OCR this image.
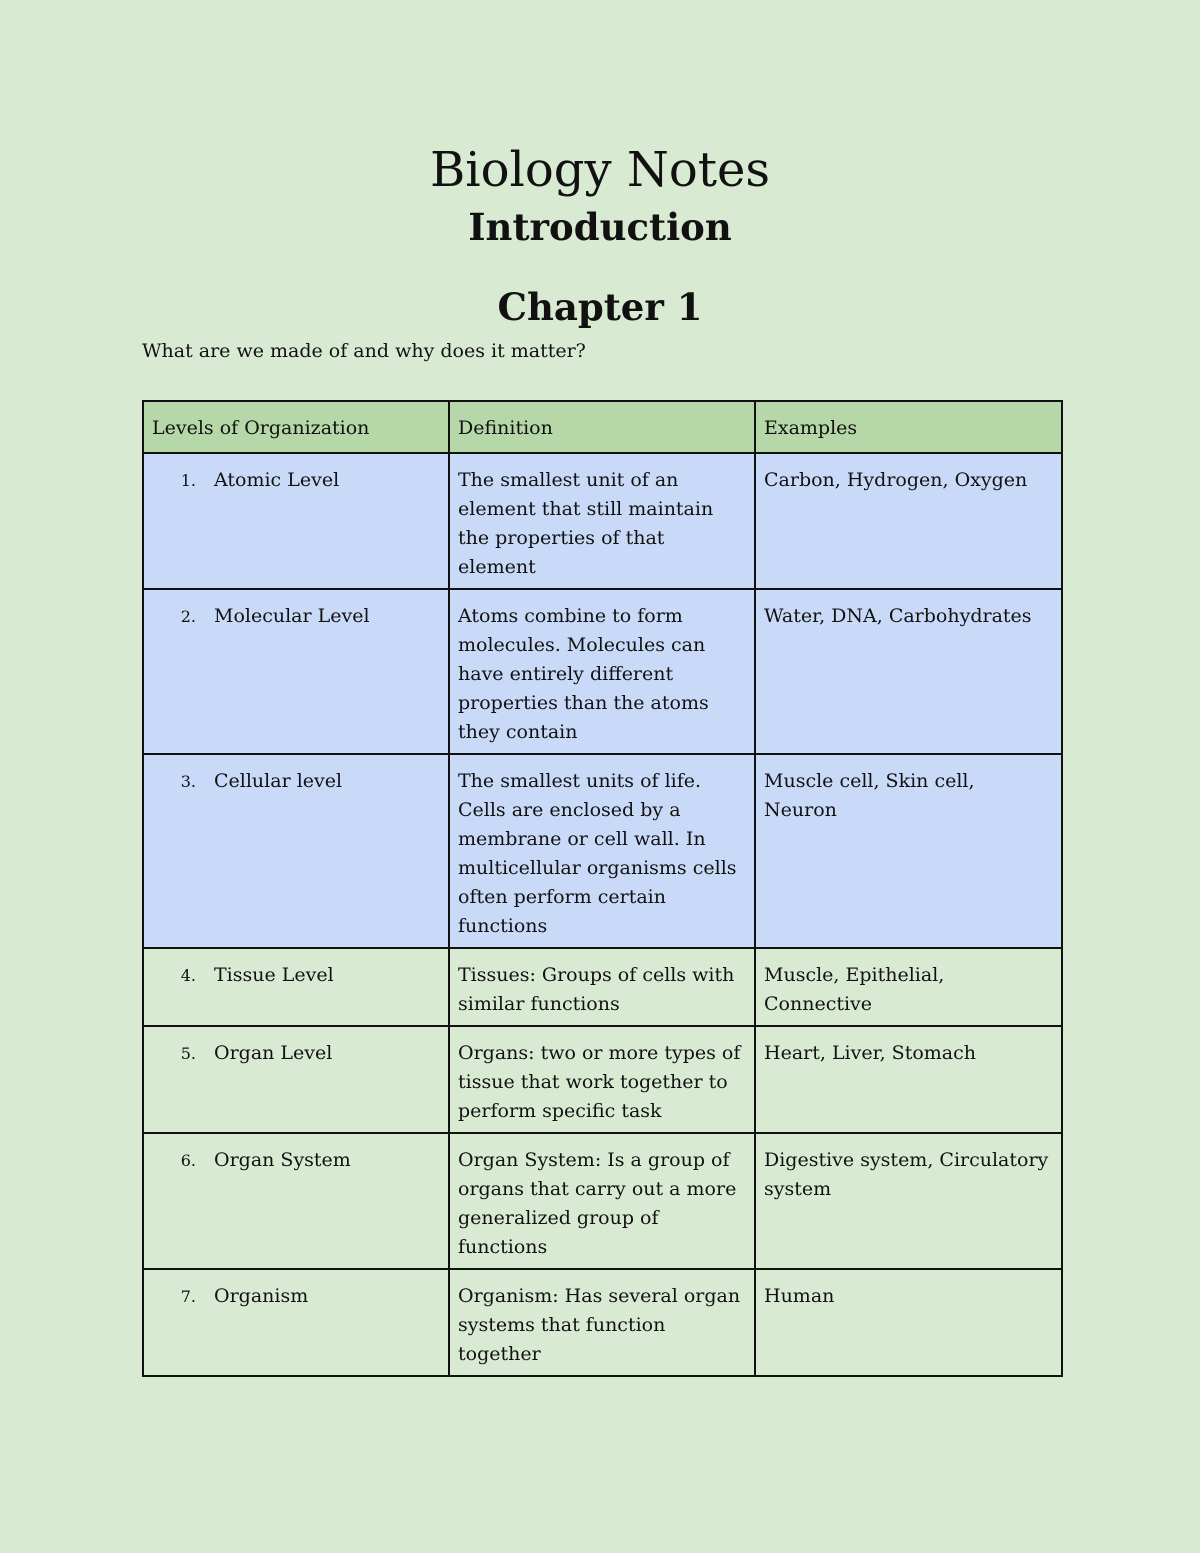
Biology Notes
Introduction
Chapter 1

What are we made of and why does it matter?

Levels of Organization	Definition	Examples
1 . Atomic Level	The smallest unit of an element that still maintain the properties of that element	Carbon, Hydrogen, Oxygen
2 . Molecular Level	Atoms combine to form molecules. Molecules can have entirely different properties than the atoms they contain	Water, DNA, Carbohydrates
3 . Cellular level	The smallest units of life. Cells are enclosed by a membrane or cell wall. In multicellular organisms cells often perform certain functions	Muscle cell, Skin cell, Neuron
4 . Tissue Level	Tissues: Groups of cells with similar functions	Muscle, Epithelial, Connective
5 . Organ Level	Organs: two or more types of tissue that work together to perform specific task	Heart, Liver, Stomach
6 . Organ System	Organ System: Is a group of organs that carry out a more generalized group of functions	Digestive system, Circulatory system
7 . Organism	Organism: Has several organ systems that function together	Human
